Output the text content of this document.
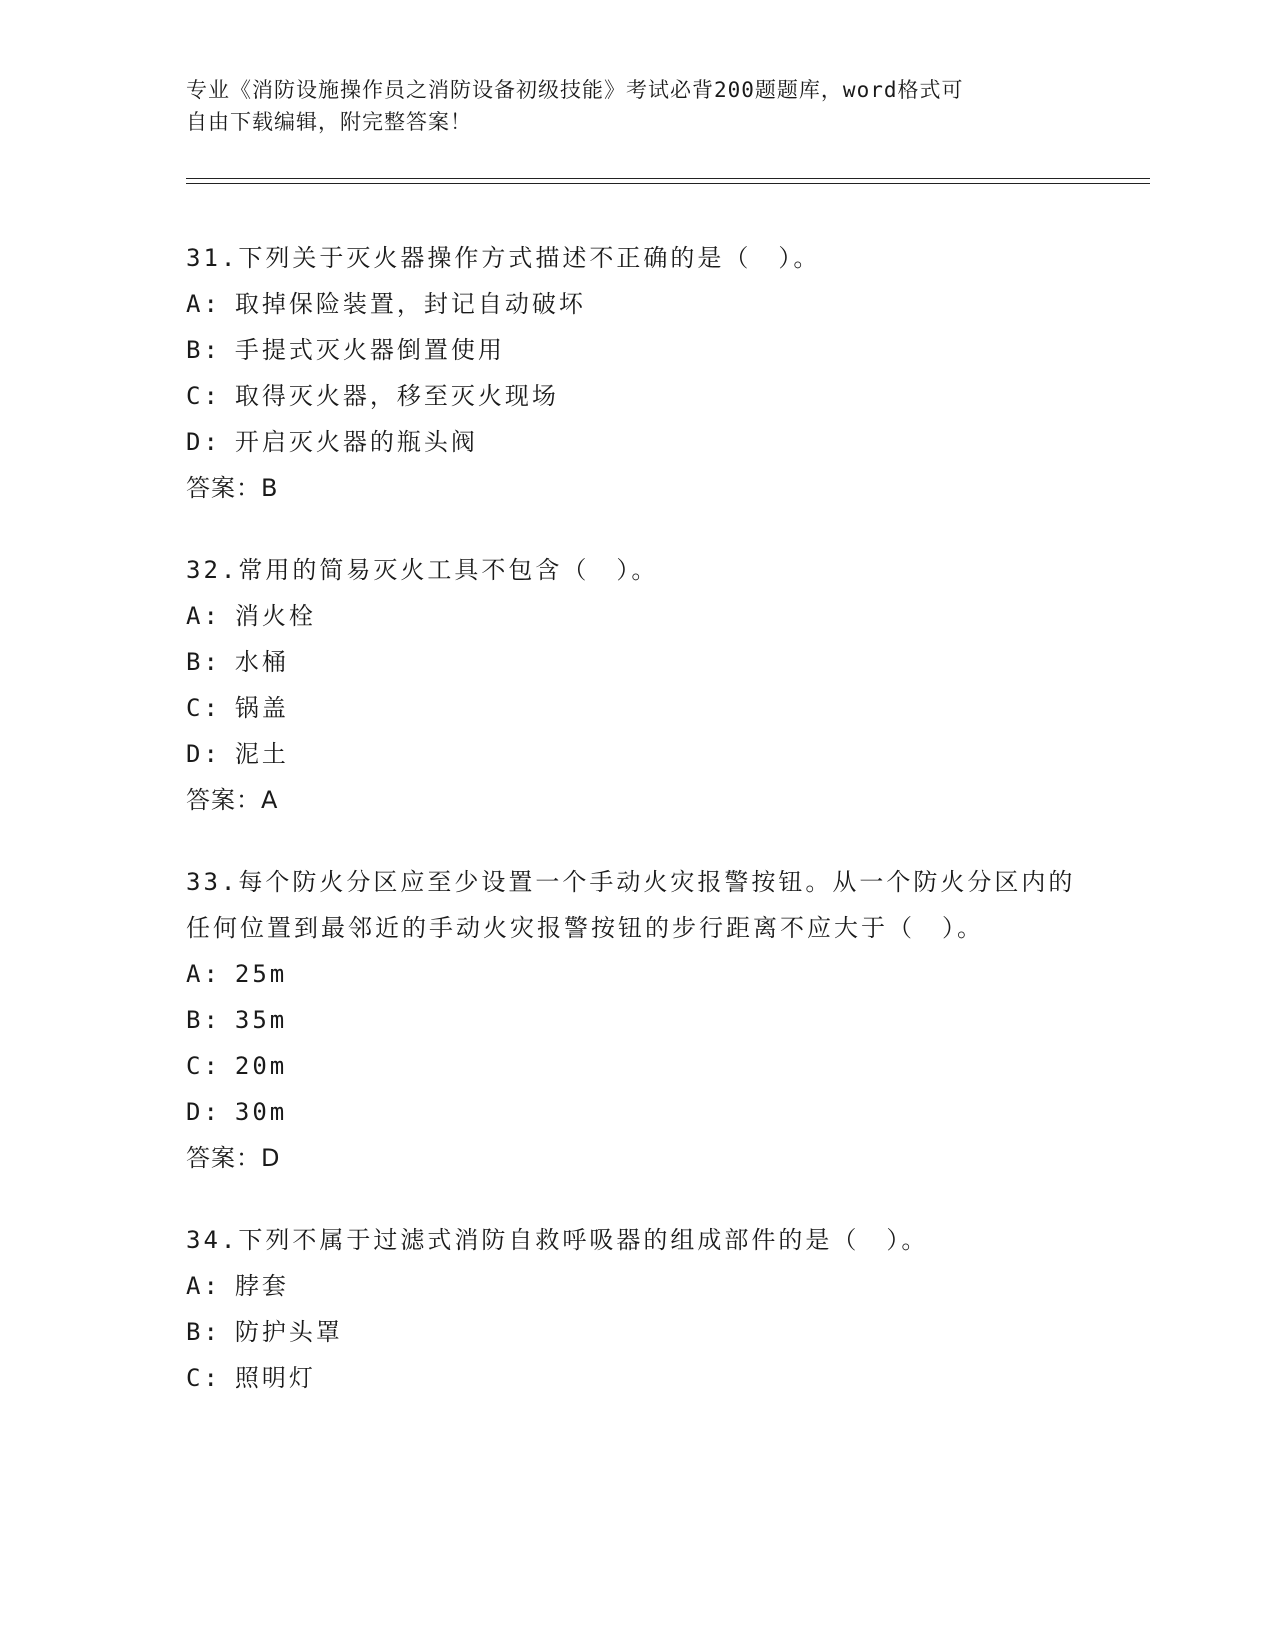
专业《消防设施操作员之消防设备初级技能》考试必背200题题库，word格式可

自由下载编辑，附完整答案！

31.下列关于灭火器操作方式描述不正确的是（　）。

A: 取掉保险装置，封记自动破坏

B: 手提式灭火器倒置使用

C: 取得灭火器，移至灭火现场

D: 开启灭火器的瓶头阀

答案：B

32.常用的简易灭火工具不包含（　）。

A: 消火栓

B: 水桶

C: 锅盖

D: 泥土

答案：A

33.每个防火分区应至少设置一个手动火灾报警按钮。从一个防火分区内的任何位置到最邻近的手动火灾报警按钮的步行距离不应大于（　）。

A: 25m

B: 35m

C: 20m

D: 30m

答案：D

34.下列不属于过滤式消防自救呼吸器的组成部件的是（　）。

A: 脖套

B: 防护头罩

C: 照明灯
